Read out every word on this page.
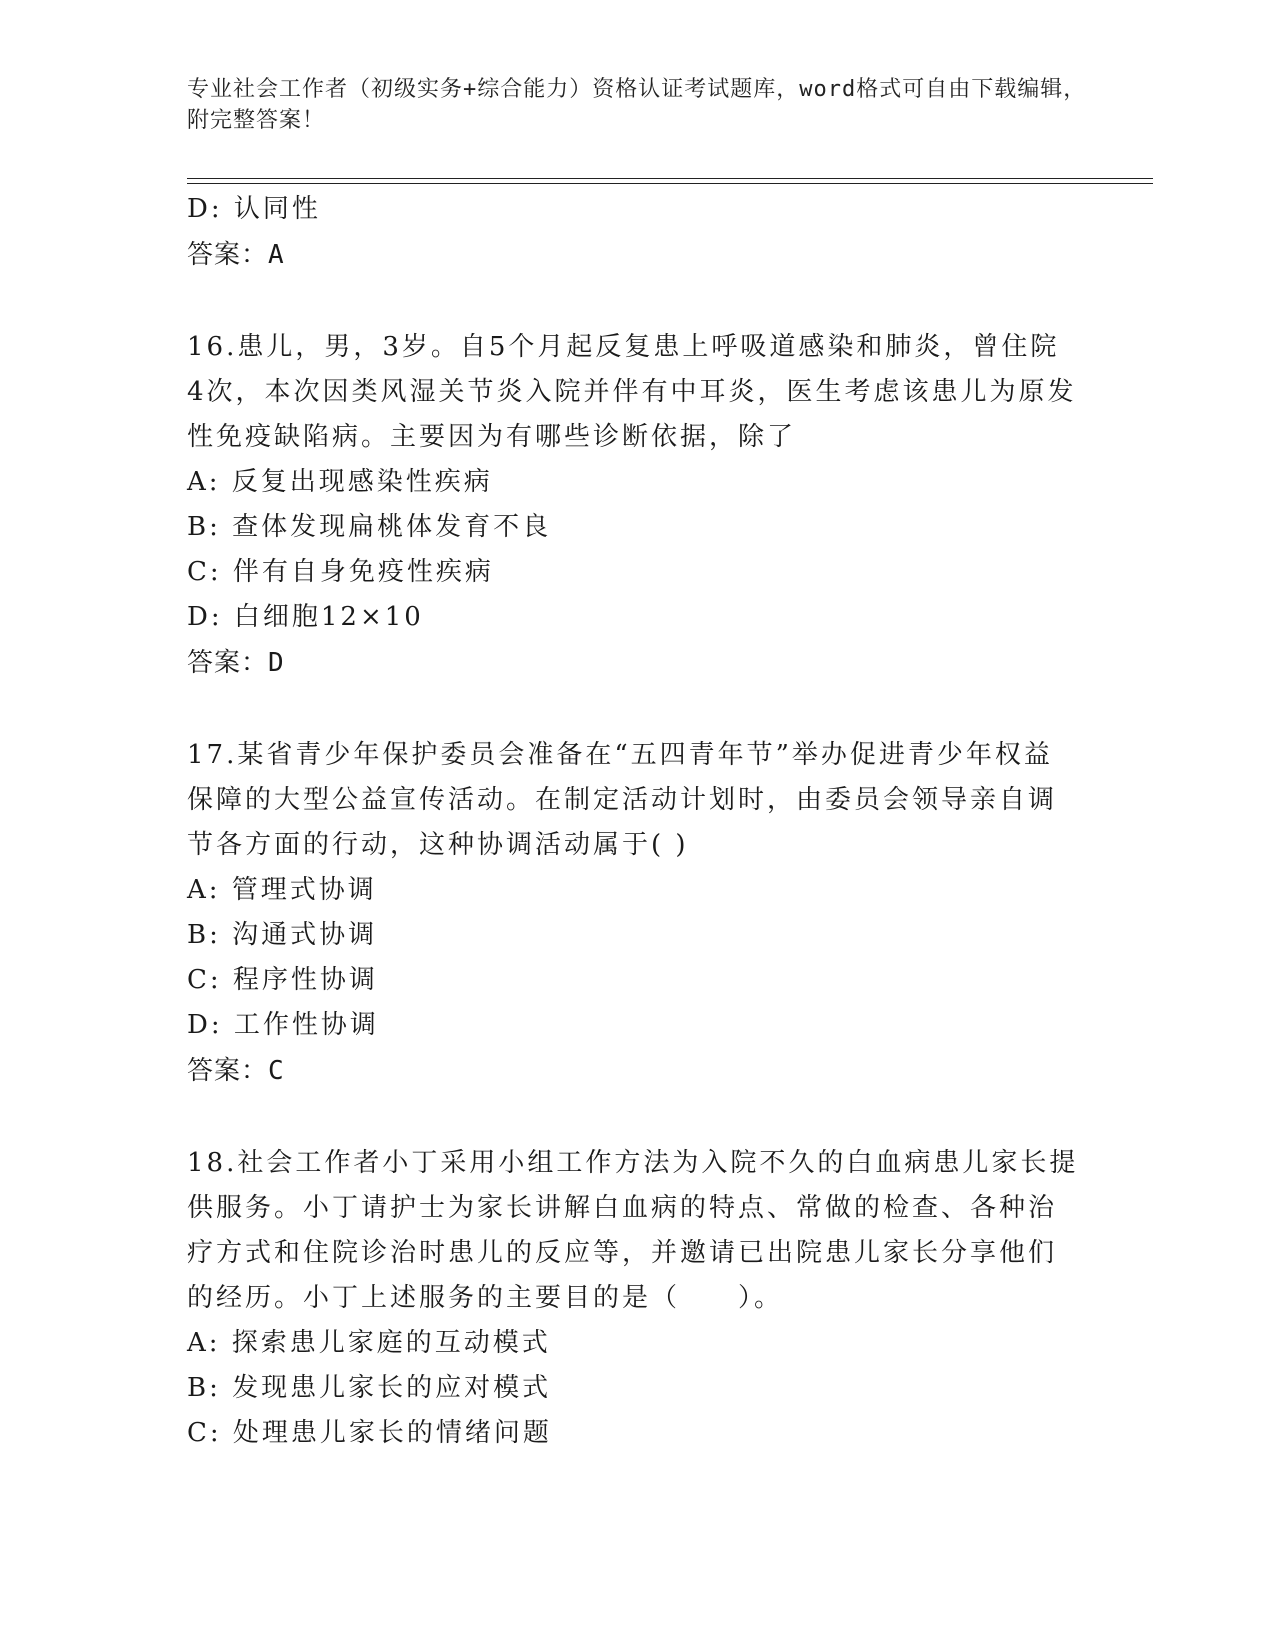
专业社会工作者（初级实务+综合能力）资格认证考试题库，word格式可自由下载编辑，附完整答案！
D: 认同性
答案：A
16.患儿，男，3岁。自5个月起反复患上呼吸道感染和肺炎，曾住院
4次，本次因类风湿关节炎入院并伴有中耳炎，医生考虑该患儿为原发
性免疫缺陷病。主要因为有哪些诊断依据，除了
A: 反复出现感染性疾病
B: 查体发现扁桃体发育不良
C: 伴有自身免疫性疾病
D: 白细胞12×10
答案：D
17.某省青少年保护委员会准备在“五四青年节”举办促进青少年权益
保障的大型公益宣传活动。在制定活动计划时，由委员会领导亲自调
节各方面的行动，这种协调活动属于( )
A: 管理式协调
B: 沟通式协调
C: 程序性协调
D: 工作性协调
答案：C
18.社会工作者小丁采用小组工作方法为入院不久的白血病患儿家长提
供服务。小丁请护士为家长讲解白血病的特点、常做的检查、各种治
疗方式和住院诊治时患儿的反应等，并邀请已出院患儿家长分享他们
的经历。小丁上述服务的主要目的是（　　）。
A: 探索患儿家庭的互动模式
B: 发现患儿家长的应对模式
C: 处理患儿家长的情绪问题
